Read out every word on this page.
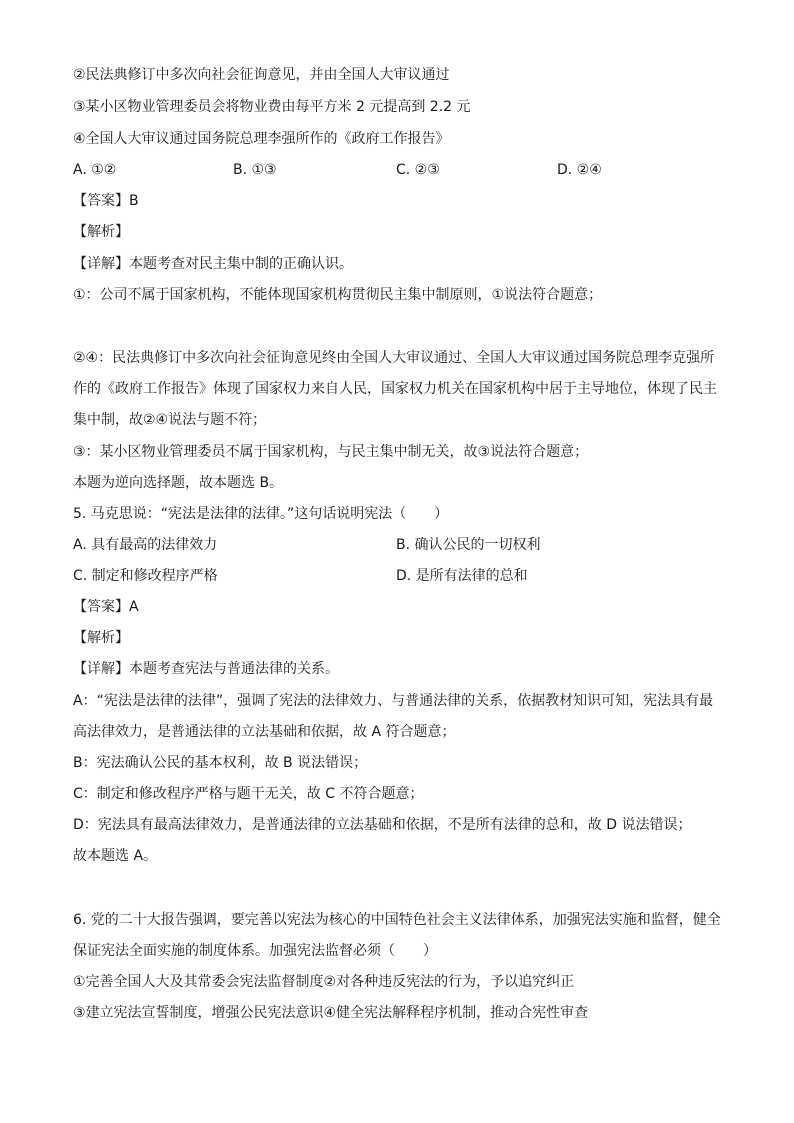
②民法典修订中多次向社会征询意见，并由全国人大审议通过
③某小区物业管理委员会将物业费由每平方米 2 元提高到 2.2 元
④全国人大审议通过国务院总理李强所作的《政府工作报告》
A. ①②	B. ①③	C. ②③	D. ②④
【答案】B
【解析】
【详解】本题考查对民主集中制的正确认识。
①：公司不属于国家机构，不能体现国家机构贯彻民主集中制原则，①说法符合题意；
②④：民法典修订中多次向社会征询意见终由全国人大审议通过、全国人大审议通过国务院总理李克强所
作的《政府工作报告》体现了国家权力来自人民，国家权力机关在国家机构中居于主导地位，体现了民主
集中制，故②④说法与题不符；
③：某小区物业管理委员不属于国家机构，与民主集中制无关，故③说法符合题意；
本题为逆向选择题，故本题选 B。
5. 马克思说：“宪法是法律的法律。”这句话说明宪法（　　）
A. 具有最高的法律效力	B. 确认公民的一切权利
C. 制定和修改程序严格	D. 是所有法律的总和
【答案】A
【解析】
【详解】本题考查宪法与普通法律的关系。
A：“宪法是法律的法律”，强调了宪法的法律效力、与普通法律的关系，依据教材知识可知，宪法具有最
高法律效力，是普通法律的立法基础和依据，故 A 符合题意；
B：宪法确认公民的基本权利，故 B 说法错误；
C：制定和修改程序严格与题干无关，故 C 不符合题意；
D：宪法具有最高法律效力，是普通法律的立法基础和依据，不是所有法律的总和，故 D 说法错误；
故本题选 A。
6. 党的二十大报告强调，要完善以宪法为核心的中国特色社会主义法律体系，加强宪法实施和监督，健全
保证宪法全面实施的制度体系。加强宪法监督必须（　　）
①完善全国人大及其常委会宪法监督制度②对各种违反宪法的行为，予以追究纠正
③建立宪法宣誓制度，增强公民宪法意识④健全宪法解释程序机制，推动合宪性审查
